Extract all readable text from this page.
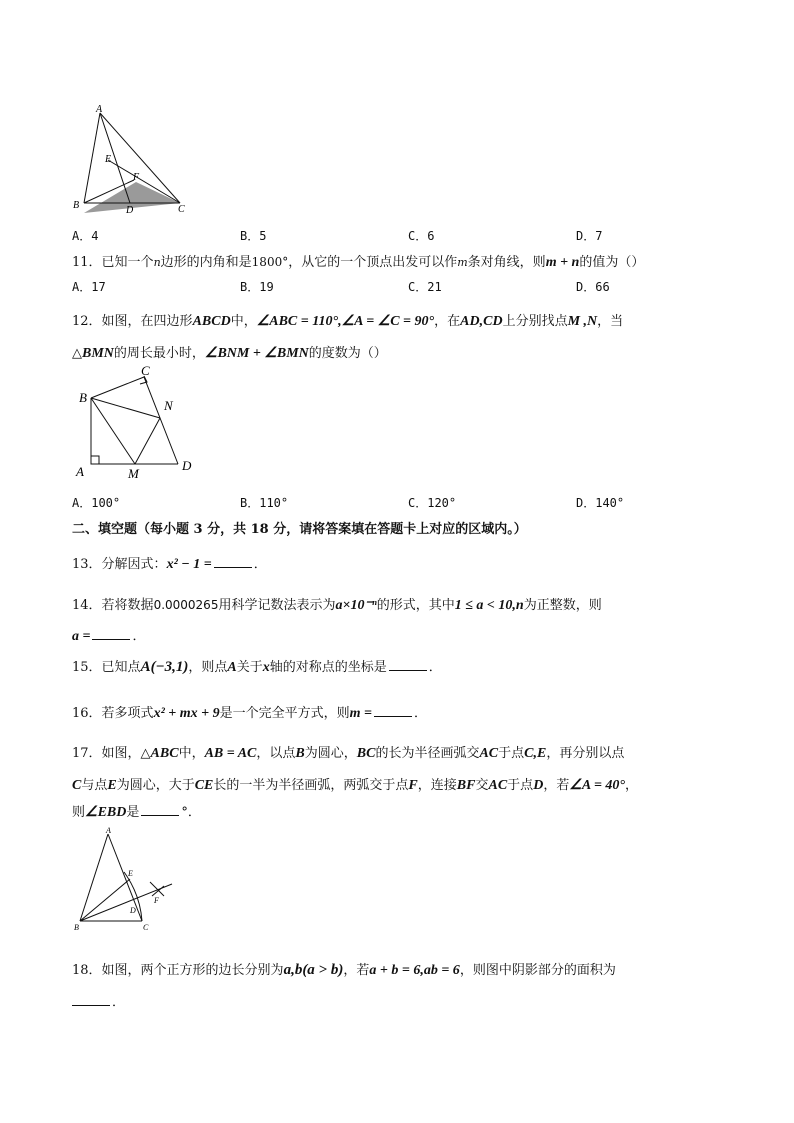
A
B	C
D
E
F
A．4	B．5	C．6	D．7
11．已知一个n边形的内角和是1800°，从它的一个顶点出发可以作m条对角线，则m + n的值为（）
A．17	B．19	C．21	D．66
12．如图，在四边形ABCD中，∠ABC = 110°,∠A = ∠C = 90°，在AD,CD上分别找点M ,N，当
△BMN的周长最小时，∠BNM + ∠BMN的度数为（）
C
B
N
A	M
D
A．100°	B．110°	C．120°	D．140°
二、填空题（每小题 3 分，共 18 分，请将答案填在答题卡上对应的区域内。）
13．分解因式：x² − 1 =	．
14．若将数据0.0000265用科学记数法表示为a×10⁻ⁿ的形式，其中1 ≤ a < 10,n为正整数，则
a =	．
15．已知点A(−3,1)，则点A关于x轴的对称点的坐标是	．
16．若多项式x² + mx + 9是一个完全平方式，则m =	．
17．如图，△ABC中，AB = AC，以点B为圆心，BC的长为半径画弧交AC于点C,E，再分别以点
C与点E为圆心，大于CE长的一半为半径画弧，两弧交于点F，连接BF交AC于点D，若∠A = 40°，
则∠EBD是	°．
A
E
F
D
B	C
18．如图，两个正方形的边长分别为a,b(a > b)，若a + b = 6,ab = 6，则图中阴影部分的面积为
．
